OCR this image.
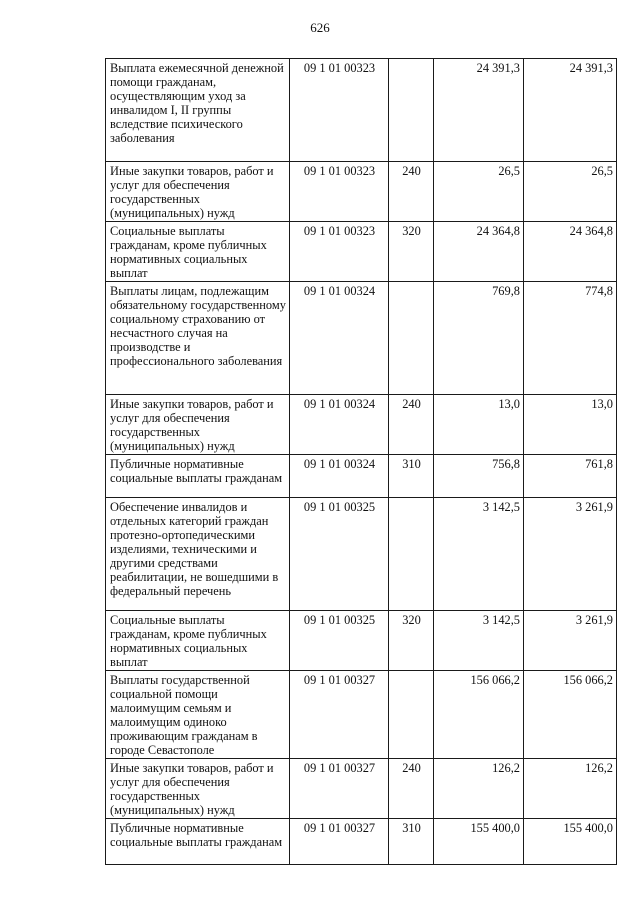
626
Выплата ежемесячной денежной помощи гражданам, осуществляющим уход за инвалидом I, II группы вследствие психического заболевания	09 1 01 00323		24 391,3	24 391,3
Иные закупки товаров, работ и услуг для обеспечения государственных (муниципальных) нужд	09 1 01 00323	240	26,5	26,5
Социальные выплаты гражданам, кроме публичных нормативных социальных выплат	09 1 01 00323	320	24 364,8	24 364,8
Выплаты лицам, подлежащим обязательному государственному социальному страхованию от несчастного случая на производстве и профессионального заболевания	09 1 01 00324		769,8	774,8
Иные закупки товаров, работ и услуг для обеспечения государственных (муниципальных) нужд	09 1 01 00324	240	13,0	13,0
Публичные нормативные социальные выплаты гражданам	09 1 01 00324	310	756,8	761,8
Обеспечение инвалидов и отдельных категорий граждан протезно-ортопедическими изделиями, техническими и другими средствами реабилитации, не вошедшими в федеральный перечень	09 1 01 00325		3 142,5	3 261,9
Социальные выплаты гражданам, кроме публичных нормативных социальных выплат	09 1 01 00325	320	3 142,5	3 261,9
Выплаты государственной социальной помощи малоимущим семьям и малоимущим одиноко проживающим гражданам в городе Севастополе	09 1 01 00327		156 066,2	156 066,2
Иные закупки товаров, работ и услуг для обеспечения государственных (муниципальных) нужд	09 1 01 00327	240	126,2	126,2
Публичные нормативные социальные выплаты гражданам	09 1 01 00327	310	155 400,0	155 400,0
